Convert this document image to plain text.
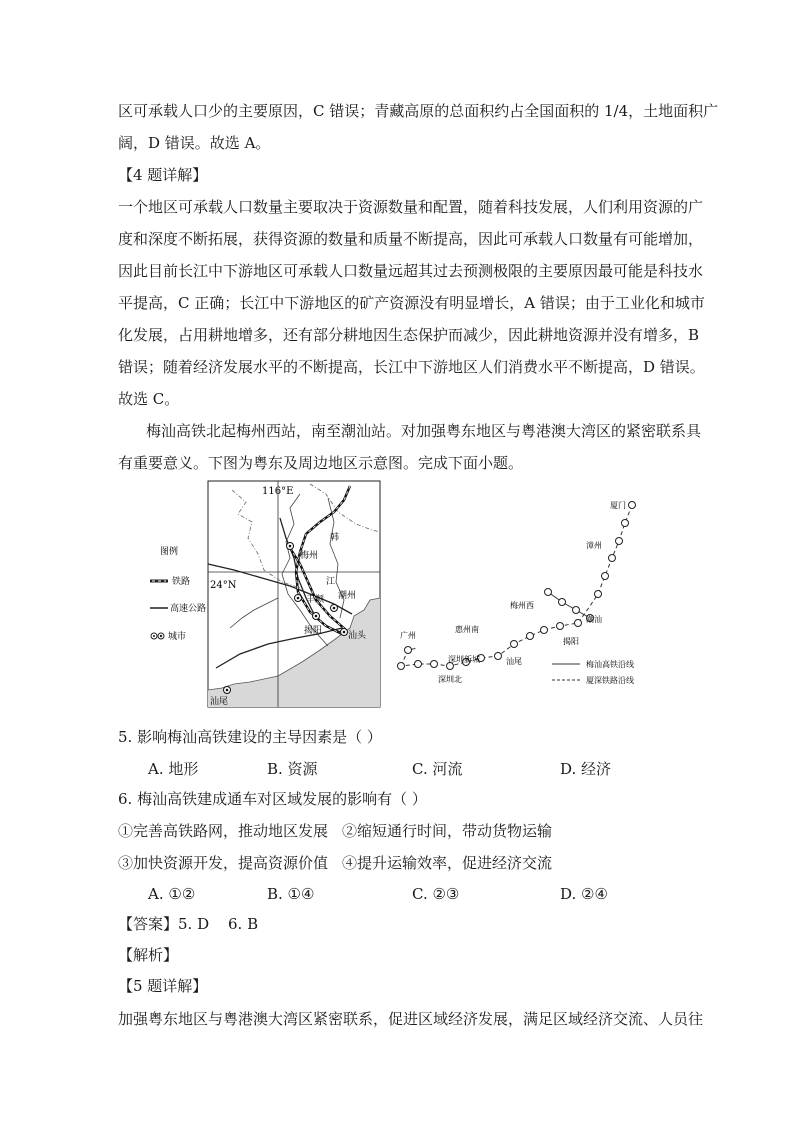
区可承载人口少的主要原因，C 错误；青藏高原的总面积约占全国面积的 1/4，土地面积广
阔，D 错误。故选 A。
【4 题详解】
一个地区可承载人口数量主要取决于资源数量和配置，随着科技发展，人们利用资源的广
度和深度不断拓展，获得资源的数量和质量不断提高，因此可承载人口数量有可能增加，
因此目前长江中下游地区可承载人口数量远超其过去预测极限的主要原因最可能是科技水
平提高，C 正确；长江中下游地区的矿产资源没有明显增长，A 错误；由于工业化和城市
化发展，占用耕地增多，还有部分耕地因生态保护而减少，因此耕地资源并没有增多，B
错误；随着经济发展水平的不断提高，长江中下游地区人们消费水平不断提高，D 错误。
故选 C。
梅汕高铁北起梅州西站，南至潮汕站。对加强粤东地区与粤港澳大湾区的紧密联系具
有重要意义。下图为粤东及周边地区示意图。完成下面小题。
图例
铁路
高速公路
城市
116°E
24°N
梅州
韩
江
丰顺 潮州
揭阳	汕头
汕尾
厦门
漳州
梅州西
潮汕
揭阳
广州
惠州南
深圳新城	汕尾
深圳北
梅汕高铁沿线
厦深铁路沿线
5. 影响梅汕高铁建设的主导因素是（ ）
A. 地形	B. 资源	C. 河流	D. 经济
6. 梅汕高铁建成通车对区域发展的影响有（ ）
①完善高铁路网，推动地区发展 ②缩短通行时间，带动货物运输
③加快资源开发，提高资源价值 ④提升运输效率，促进经济交流
A. ①②	B. ①④	C. ②③	D. ②④
【答案】5. D 6. B
【解析】
【5 题详解】
加强粤东地区与粤港澳大湾区紧密联系，促进区域经济发展，满足区域经济交流、人员往
